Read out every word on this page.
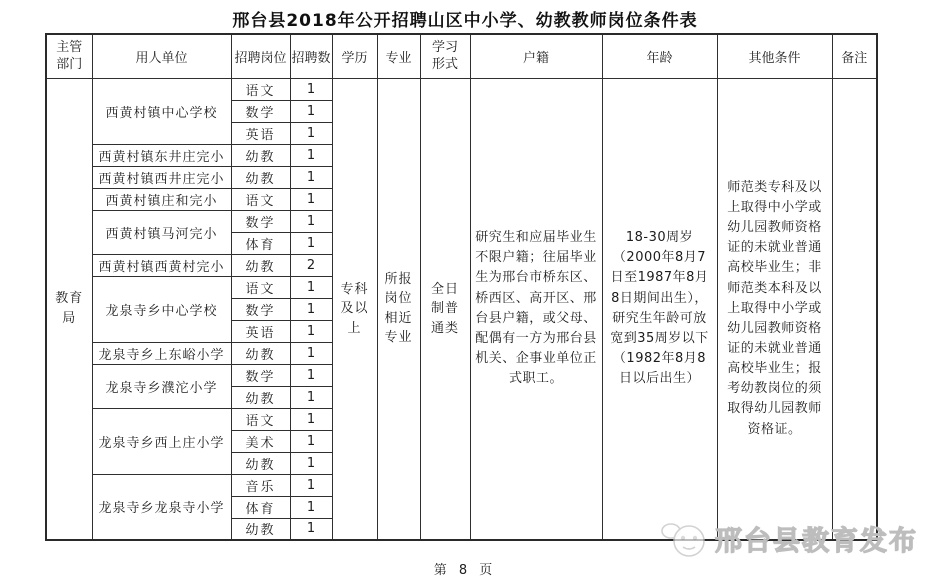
邢台县2018年公开招聘山区中小学、幼教教师岗位条件表
主管部门	用人单位	招聘岗位	招聘数	学历	专业	学习形式	户籍	年龄	其他条件	备注
教育局	西黄村镇中心学校	语文	1	专科及以上	所报岗位相近专业	全日制普通类	研究生和应届毕业生不限户籍；往届毕业生为邢台市桥东区、桥西区、高开区、邢台县户籍，或父母、配偶有一方为邢台县机关、企事业单位正式职工。	18-30周岁（2000年8月7日至1987年8月8日期间出生），研究生年龄可放宽到35周岁以下（1982年8月8日以后出生）	师范类专科及以上取得中小学或幼儿园教师资格证的未就业普通高校毕业生；非师范类本科及以上取得中小学或幼儿园教师资格证的未就业普通高校毕业生；报考幼教岗位的须取得幼儿园教师资格证。	
		数学	1							
		英语	1							
	西黄村镇东井庄完小	幼教	1							
	西黄村镇西井庄完小	幼教	1							
	西黄村镇庄和完小	语文	1							
	西黄村镇马河完小	数学	1							
		体育	1							
	西黄村镇西黄村完小	幼教	2							
	龙泉寺乡中心学校	语文	1							
		数学	1							
		英语	1							
	龙泉寺乡上东峪小学	幼教	1							
	龙泉寺乡濮沱小学	数学	1							
		幼教	1							
	龙泉寺乡西上庄小学	语文	1							
		美术	1							
		幼教	1							
	龙泉寺乡龙泉寺小学	音乐	1							
		体育	1							
		幼教	1								邢台县教育发布
第 8 页
